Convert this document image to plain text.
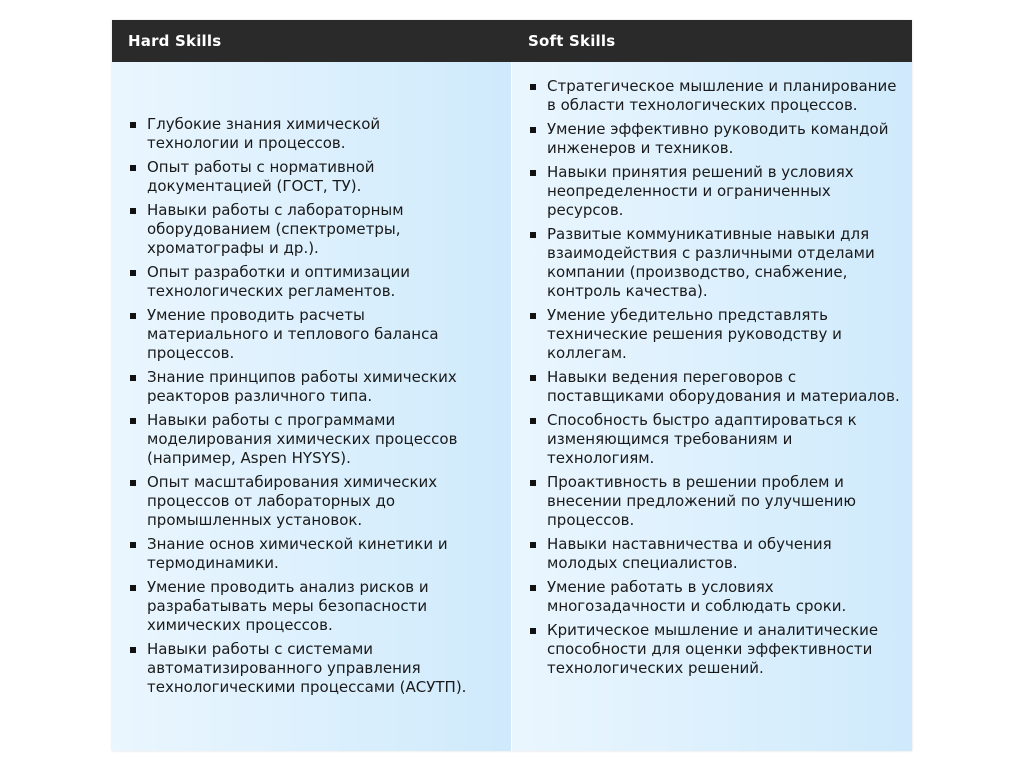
Hard Skills	Soft Skills
Глубокие знания химической технологии и процессов.
Опыт работы с нормативной документацией (ГОСТ, ТУ).
Навыки работы с лабораторным оборудованием (спектрометры, хроматографы и др.).
Опыт разработки и оптимизации технологических регламентов.
Умение проводить расчеты материального и теплового баланса процессов.
Знание принципов работы химических реакторов различного типа.
Навыки работы с программами моделирования химических процессов (например, Aspen HYSYS).
Опыт масштабирования химических процессов от лабораторных до промышленных установок.
Знание основ химической кинетики и термодинамики.
Умение проводить анализ рисков и разрабатывать меры безопасности химических процессов.
Навыки работы с системами автоматизированного управления технологическими процессами (АСУТП).
Стратегическое мышление и планирование в области технологических процессов.
Умение эффективно руководить командой инженеров и техников.
Навыки принятия решений в условиях неопределенности и ограниченных ресурсов.
Развитые коммуникативные навыки для взаимодействия с различными отделами компании (производство, снабжение, контроль качества).
Умение убедительно представлять технические решения руководству и коллегам.
Навыки ведения переговоров с поставщиками оборудования и материалов.
Способность быстро адаптироваться к изменяющимся требованиям и технологиям.
Проактивность в решении проблем и внесении предложений по улучшению процессов.
Навыки наставничества и обучения молодых специалистов.
Умение работать в условиях многозадачности и соблюдать сроки.
Критическое мышление и аналитические способности для оценки эффективности технологических решений.
